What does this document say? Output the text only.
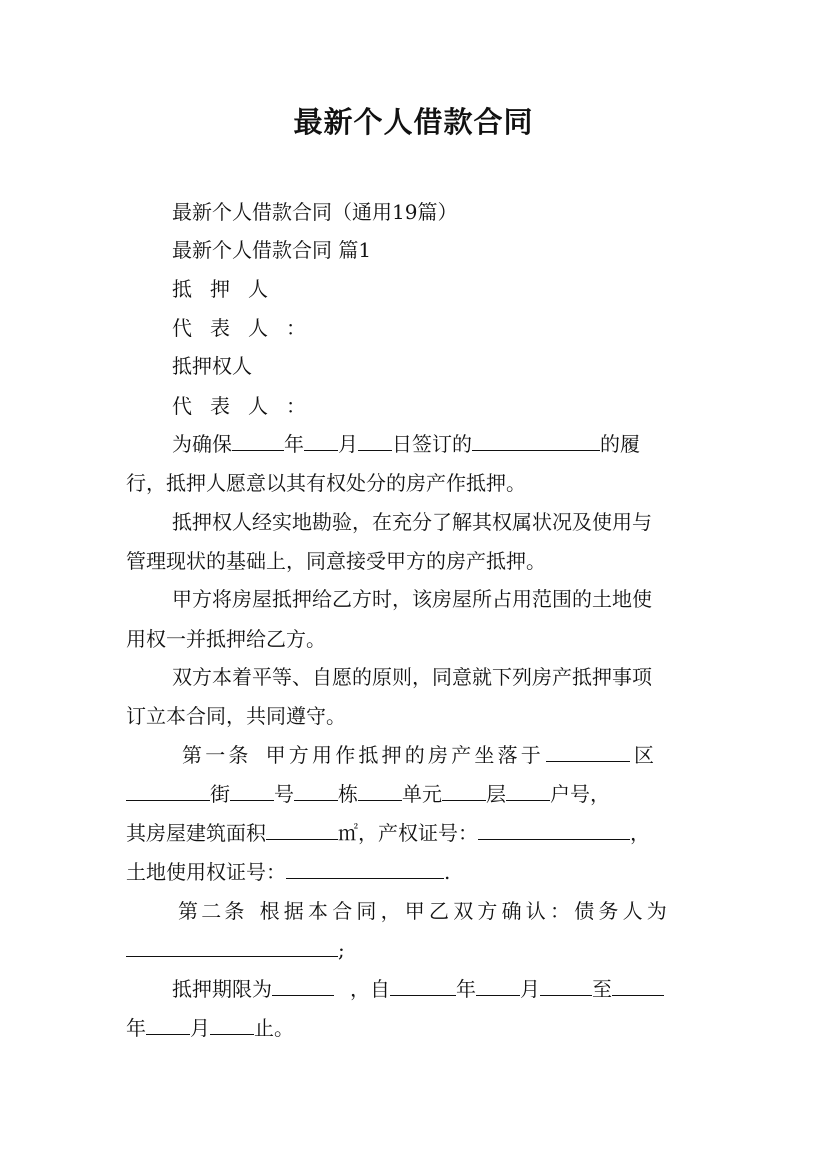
最新个人借款合同
最新个人借款合同（通用19篇）
最新个人借款合同 篇1
抵押人
代表人：
抵押权人
代表人：
为确保	年 月 日签订的	的履
行，抵押人愿意以其有权处分的房产作抵押。
抵押权人经实地勘验，在充分了解其权属状况及使用与
管理现状的基础上，同意接受甲方的房产抵押。
甲方将房屋抵押给乙方时，该房屋所占用范围的土地使
用权一并抵押给乙方。
双方本着平等、自愿的原则，同意就下列房产抵押事项
订立本合同，共同遵守。
第一条 甲方用作抵押的房产坐落于	区
街 号 栋 单元 层 户号，
其房屋建筑面积	㎡，产权证号：	，
土地使用权证号：	.
第二条 根据本合同，甲乙双方确认：债务人为
;
抵押期限为	，自	年 月	至
年 月 止。
